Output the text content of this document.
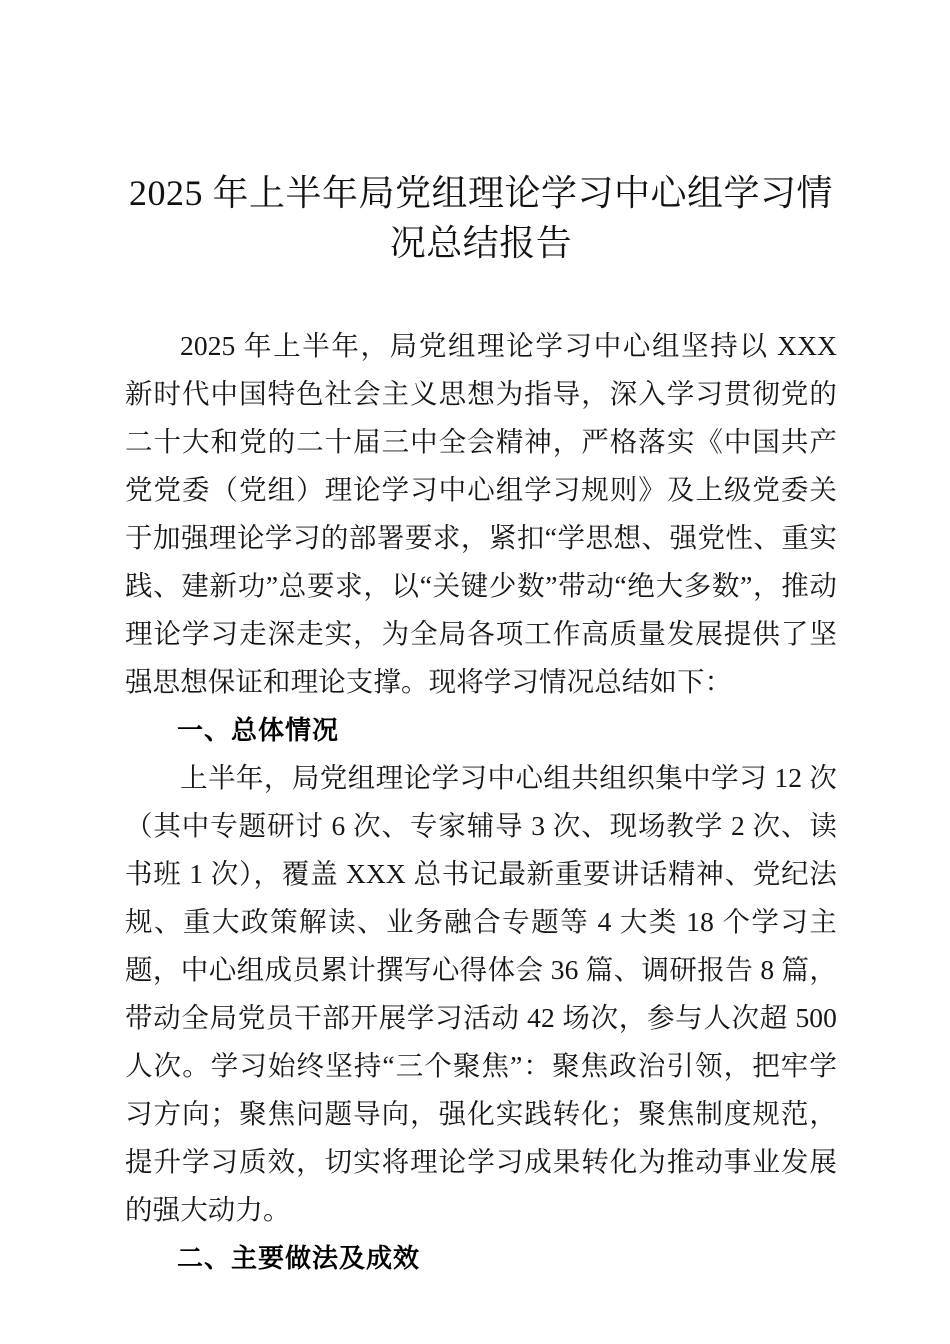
2025 年上半年局党组理论学习中心组学习情况总结报告

2025 年上半年，局党组理论学习中心组坚持以 XXX 新时代中国特色社会主义思想为指导，深入学习贯彻党的二十大和党的二十届三中全会精神，严格落实《中国共产党党委（党组）理论学习中心组学习规则》及上级党委关于加强理论学习的部署要求，紧扣“学思想、强党性、重实践、建新功”总要求，以“关键少数”带动“绝大多数”，推动理论学习走深走实，为全局各项工作高质量发展提供了坚强思想保证和理论支撑。现将学习情况总结如下：

一、总体情况

上半年，局党组理论学习中心组共组织集中学习 12 次（其中专题研讨 6 次、专家辅导 3 次、现场教学 2 次、读书班 1 次），覆盖 XXX 总书记最新重要讲话精神、党纪法规、重大政策解读、业务融合专题等 4 大类 18 个学习主题，中心组成员累计撰写心得体会 36 篇、调研报告 8 篇，带动全局党员干部开展学习活动 42 场次，参与人次超 500 人次。学习始终坚持“三个聚焦”：聚焦政治引领，把牢学习方向；聚焦问题导向，强化实践转化；聚焦制度规范，提升学习质效，切实将理论学习成果转化为推动事业发展的强大动力。

二、主要做法及成效
